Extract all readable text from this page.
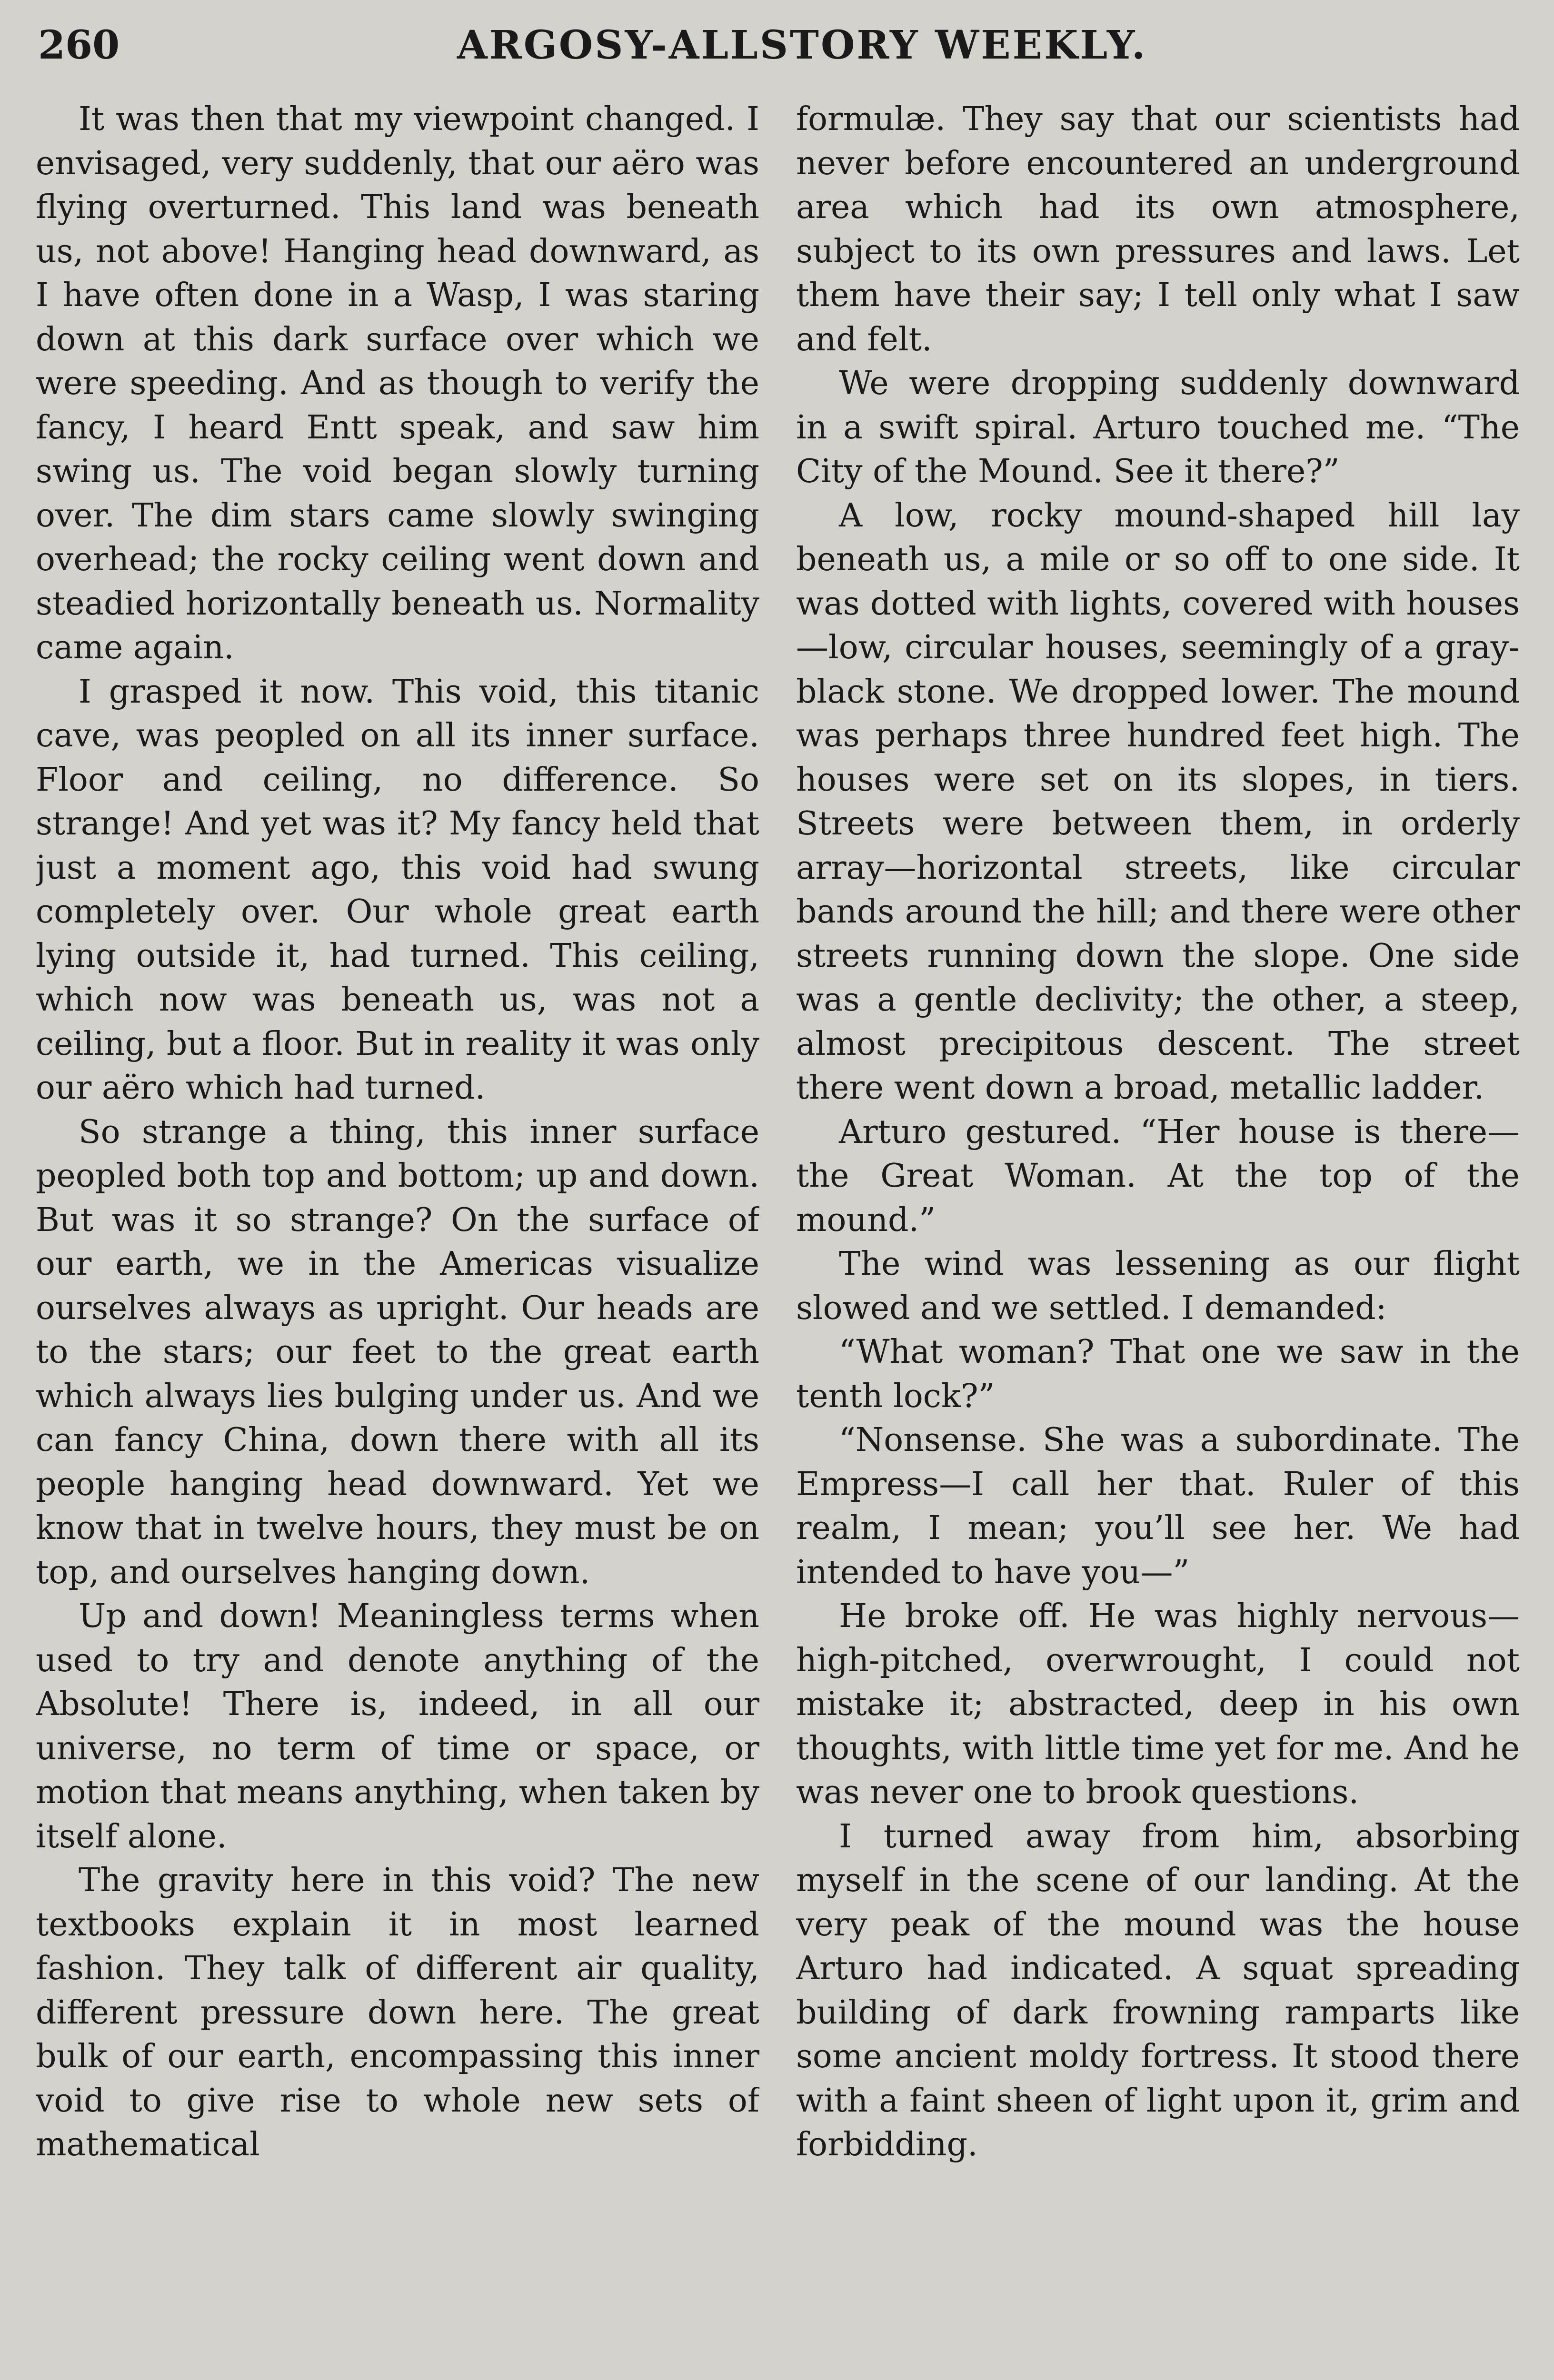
260	ARGOSY-ALLSTORY WEEKLY.

It was then that my viewpoint changed. I envisaged, very suddenly, that our aëro was flying overturned. This land was beneath us, not above! Hanging head downward, as I have often done in a Wasp, I was staring down at this dark surface over which we were speeding. And as though to verify the fancy, I heard Entt speak, and saw him swing us. The void began slowly turning over. The dim stars came slowly swinging overhead; the rocky ceiling went down and steadied horizontally beneath us. Normality came again.

I grasped it now. This void, this titanic cave, was peopled on all its inner surface. Floor and ceiling, no difference. So strange! And yet was it? My fancy held that just a moment ago, this void had swung completely over. Our whole great earth lying outside it, had turned. This ceiling, which now was beneath us, was not a ceiling, but a floor. But in reality it was only our aëro which had turned.

So strange a thing, this inner surface peopled both top and bottom; up and down. But was it so strange? On the surface of our earth, we in the Americas visualize ourselves always as upright. Our heads are to the stars; our feet to the great earth which always lies bulging under us. And we can fancy China, down there with all its people hanging head downward. Yet we know that in twelve hours, they must be on top, and ourselves hanging down.

Up and down! Meaningless terms when used to try and denote anything of the Absolute! There is, indeed, in all our universe, no term of time or space, or motion that means anything, when taken by itself alone.

The gravity here in this void? The new textbooks explain it in most learned fashion. They talk of different air quality, different pressure down here. The great bulk of our earth, encompassing this inner void to give rise to whole new sets of mathematical

formulæ. They say that our scientists had never before encountered an underground area which had its own atmosphere, subject to its own pressures and laws. Let them have their say; I tell only what I saw and felt.

We were dropping suddenly downward in a swift spiral. Arturo touched me. “The City of the Mound. See it there?”

A low, rocky mound-shaped hill lay beneath us, a mile or so off to one side. It was dotted with lights, covered with houses—low, circular houses, seemingly of a gray-black stone. We dropped lower. The mound was perhaps three hundred feet high. The houses were set on its slopes, in tiers. Streets were between them, in orderly array—horizontal streets, like circular bands around the hill; and there were other streets running down the slope. One side was a gentle declivity; the other, a steep, almost precipitous descent. The street there went down a broad, metallic ladder.

Arturo gestured. “Her house is there—the Great Woman. At the top of the mound.”

The wind was lessening as our flight slowed and we settled. I demanded:

“What woman? That one we saw in the tenth lock?”

“Nonsense. She was a subordinate. The Empress—I call her that. Ruler of this realm, I mean; you’ll see her. We had intended to have you—”

He broke off. He was highly nervous—high-pitched, overwrought, I could not mistake it; abstracted, deep in his own thoughts, with little time yet for me. And he was never one to brook questions.

I turned away from him, absorbing myself in the scene of our landing. At the very peak of the mound was the house Arturo had indicated. A squat spreading building of dark frowning ramparts like some ancient moldy fortress. It stood there with a faint sheen of light upon it, grim and forbidding.
